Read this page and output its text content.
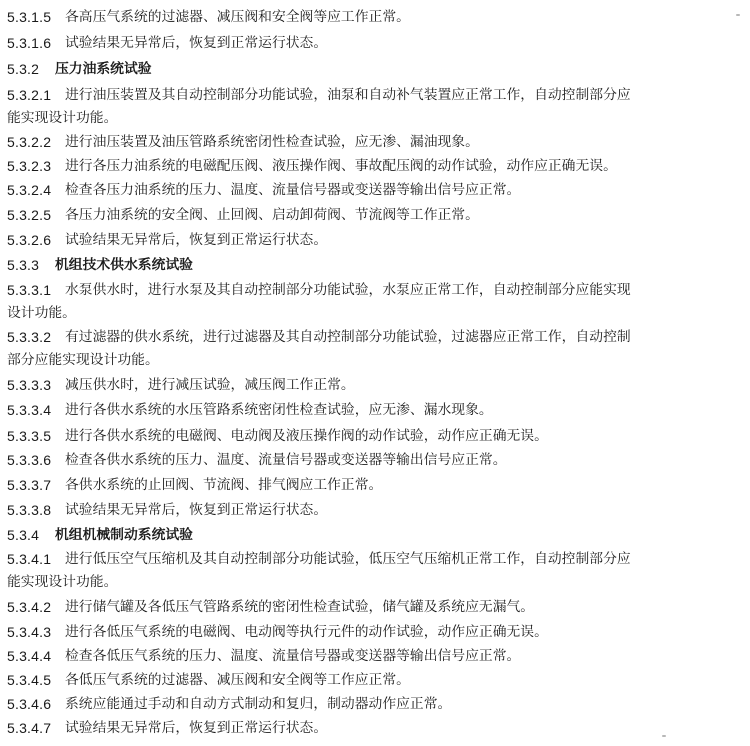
5.3.1.5 各高压气系统的过滤器、减压阀和安全阀等应工作正常。
5.3.1.6 试验结果无异常后，恢复到正常运行状态。
5.3.2 压力油系统试验
5.3.2.1 进行油压装置及其自动控制部分功能试验，油泵和自动补气装置应正常工作，自动控制部分应
能实现设计功能。
5.3.2.2 进行油压装置及油压管路系统密闭性检查试验，应无渗、漏油现象。
5.3.2.3 进行各压力油系统的电磁配压阀、液压操作阀、事故配压阀的动作试验，动作应正确无误。
5.3.2.4 检查各压力油系统的压力、温度、流量信号器或变送器等输出信号应正常。
5.3.2.5 各压力油系统的安全阀、止回阀、启动卸荷阀、节流阀等工作正常。
5.3.2.6 试验结果无异常后，恢复到正常运行状态。
5.3.3 机组技术供水系统试验
5.3.3.1 水泵供水时，进行水泵及其自动控制部分功能试验，水泵应正常工作，自动控制部分应能实现
设计功能。
5.3.3.2 有过滤器的供水系统，进行过滤器及其自动控制部分功能试验，过滤器应正常工作，自动控制
部分应能实现设计功能。
5.3.3.3 减压供水时，进行减压试验，减压阀工作正常。
5.3.3.4 进行各供水系统的水压管路系统密闭性检查试验，应无渗、漏水现象。
5.3.3.5 进行各供水系统的电磁阀、电动阀及液压操作阀的动作试验，动作应正确无误。
5.3.3.6 检查各供水系统的压力、温度、流量信号器或变送器等输出信号应正常。
5.3.3.7 各供水系统的止回阀、节流阀、排气阀应工作正常。
5.3.3.8 试验结果无异常后，恢复到正常运行状态。
5.3.4 机组机械制动系统试验
5.3.4.1 进行低压空气压缩机及其自动控制部分功能试验，低压空气压缩机正常工作，自动控制部分应
能实现设计功能。
5.3.4.2 进行储气罐及各低压气管路系统的密闭性检查试验，储气罐及系统应无漏气。
5.3.4.3 进行各低压气系统的电磁阀、电动阀等执行元件的动作试验，动作应正确无误。
5.3.4.4 检查各低压气系统的压力、温度、流量信号器或变送器等输出信号应正常。
5.3.4.5 各低压气系统的过滤器、减压阀和安全阀等工作应正常。
5.3.4.6 系统应能通过手动和自动方式制动和复归，制动器动作应正常。
5.3.4.7 试验结果无异常后，恢复到正常运行状态。
